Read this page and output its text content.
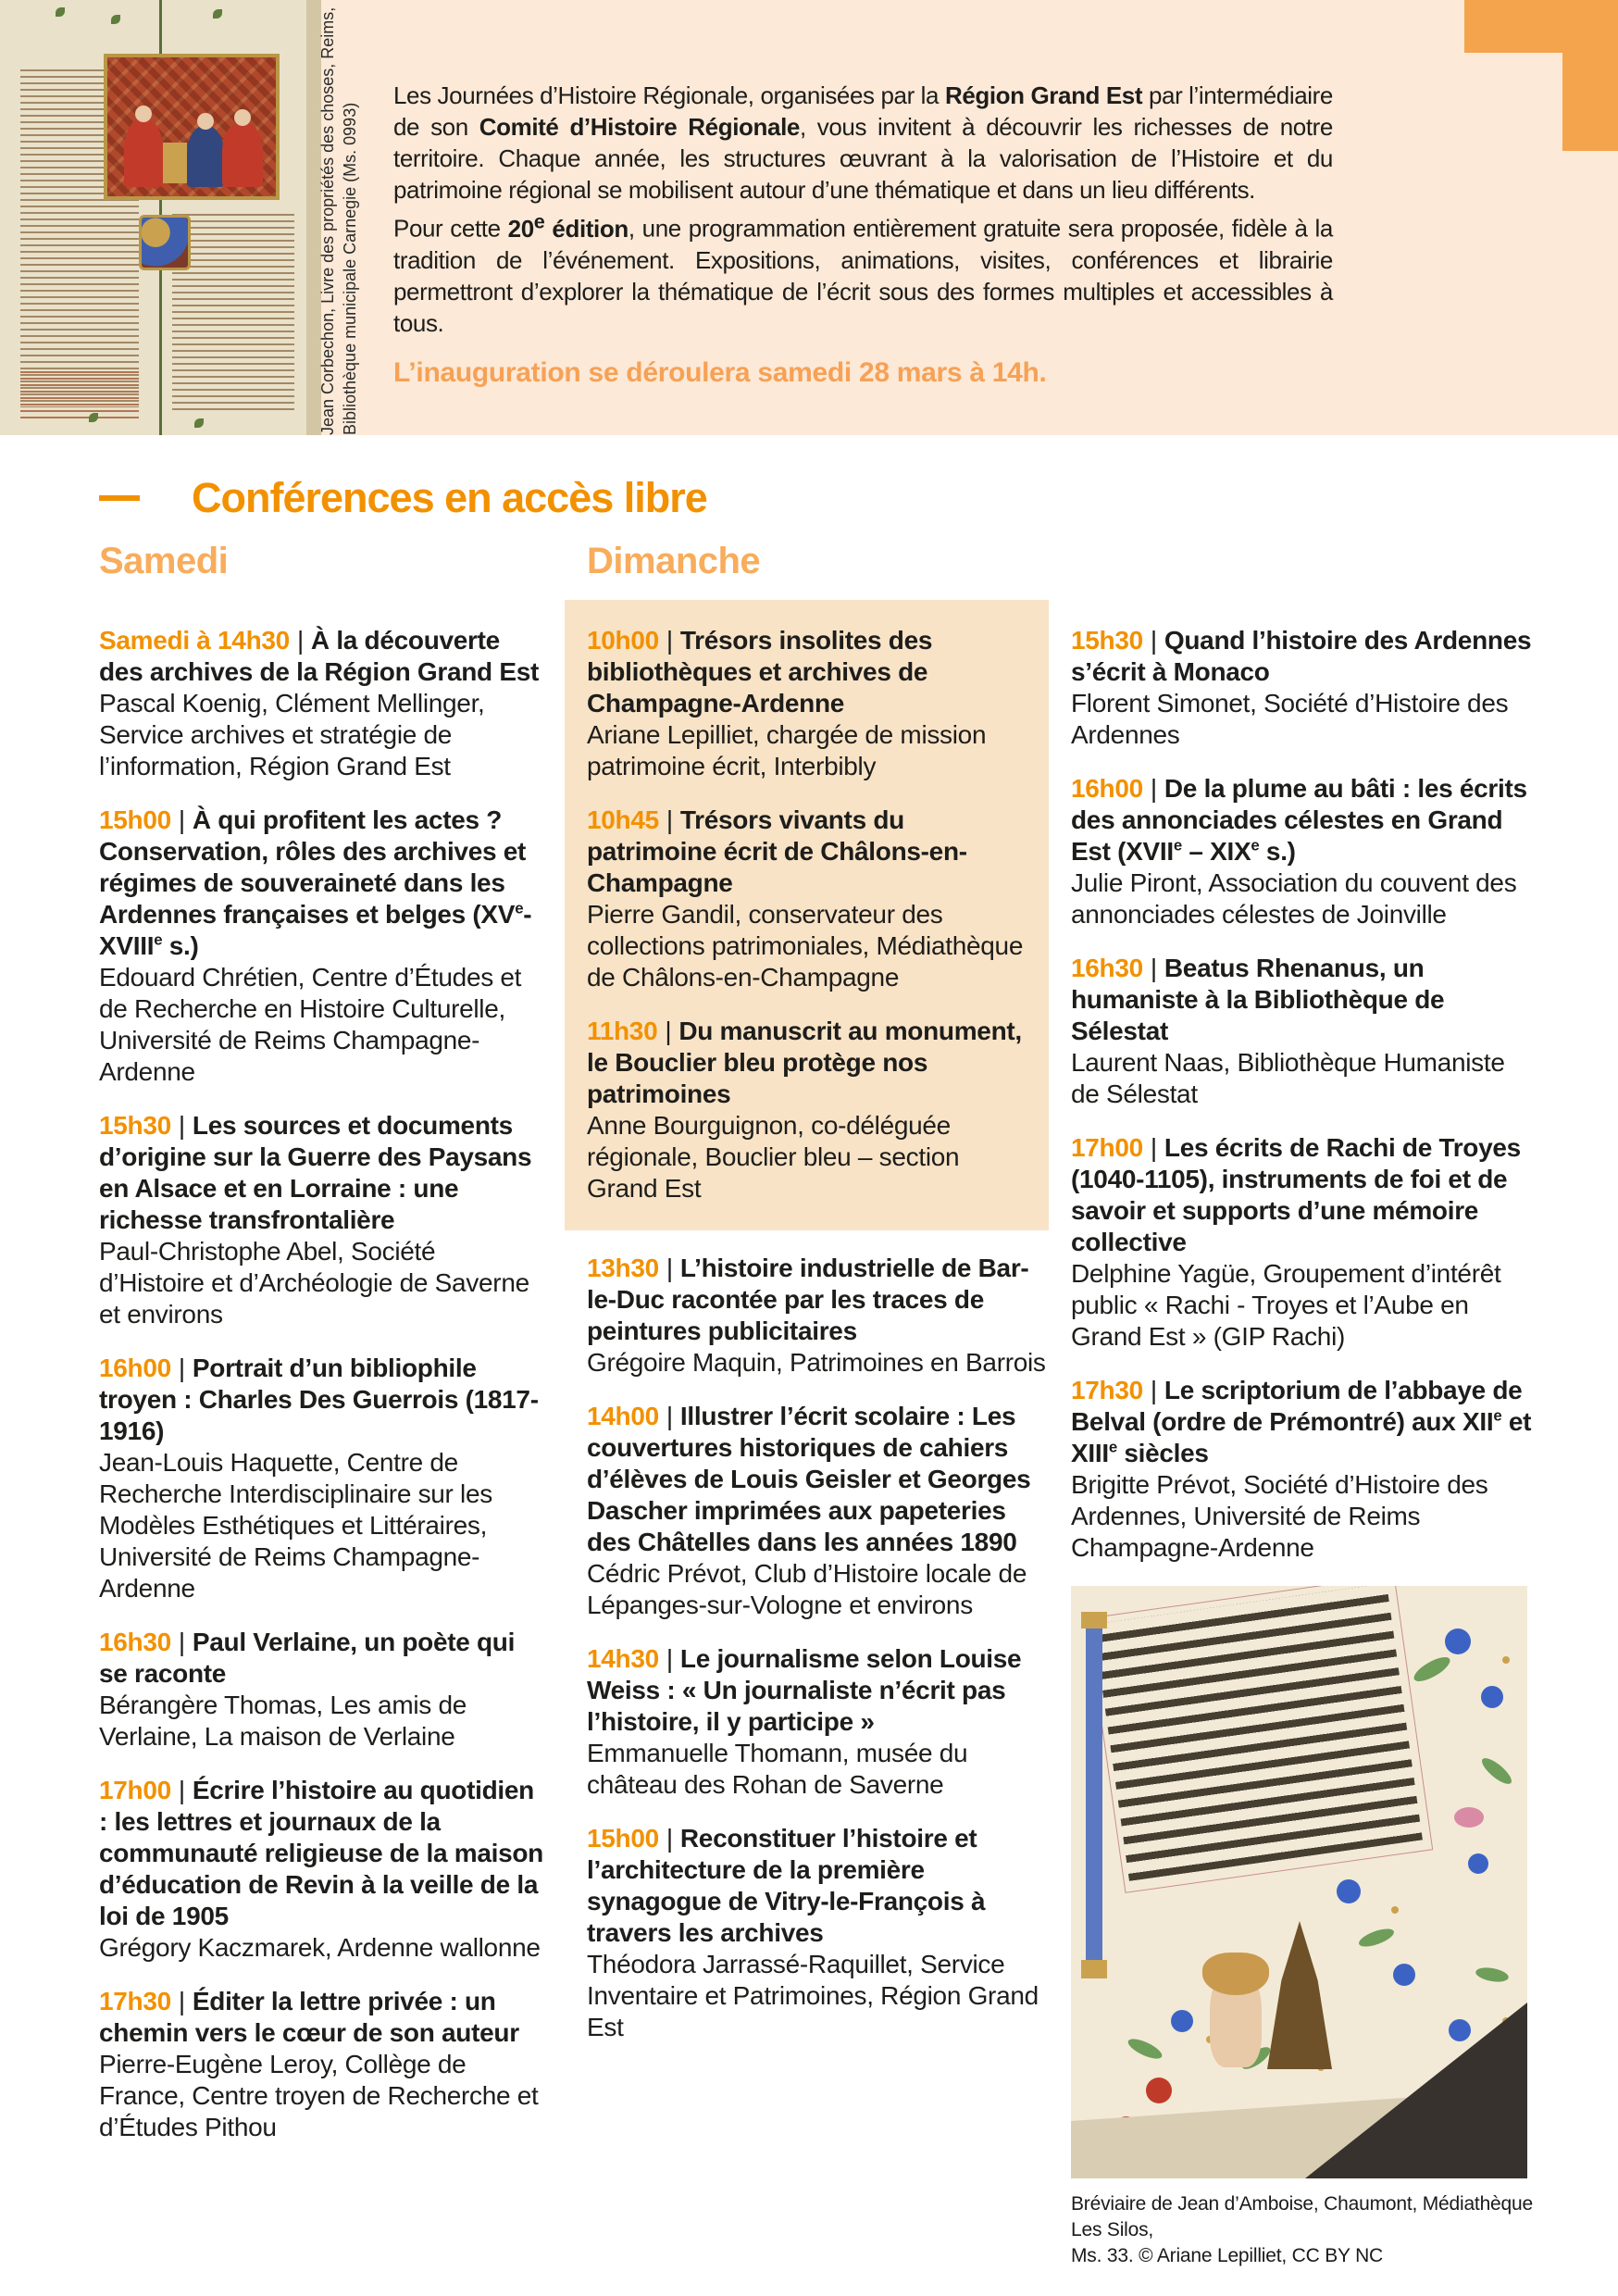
Jean Corbechon, Livre des propriétés des choses, Reims, Bibliothèque municipale Carnegie (Ms. 0993)

Les Journées d’Histoire Régionale, organisées par la Région Grand Est par l’intermédiaire de son Comité d’Histoire Régionale, vous invitent à découvrir les richesses de notre territoire. Chaque année, les structures œuvrant à la valorisation de l’Histoire et du patrimoine régional se mobilisent autour d’une thématique et dans un lieu différents.

Pour cette 20e édition, une programmation entièrement gratuite sera proposée, fidèle à la tradition de l’événement. Expositions, animations, visites, conférences et librairie permettront d’explorer la thématique de l’écrit sous des formes multiples et accessibles à tous.

L’inauguration se déroulera samedi 28 mars à 14h.
Conférences en accès libre
Samedi	Dimanche

Samedi à 14h30 | À la découverte des archives de la Région Grand Est
Pascal Koenig, Clément Mellinger, Service archives et stratégie de l’information, Région Grand Est

15h00 | À qui profitent les actes ? Conservation, rôles des archives et régimes de souveraineté dans les Ardennes françaises et belges (XVe-XVIIIe s.)
Edouard Chrétien, Centre d’Études et de Recherche en Histoire Culturelle, Université de Reims Champagne-Ardenne

15h30 | Les sources et documents d’origine sur la Guerre des Paysans en Alsace et en Lorraine : une richesse transfrontalière
Paul-Christophe Abel, Société d’Histoire et d’Archéologie de Saverne et environs

16h00 | Portrait d’un bibliophile troyen : Charles Des Guerrois (1817-1916)
Jean-Louis Haquette, Centre de Recherche Interdisciplinaire sur les Modèles Esthétiques et Littéraires, Université de Reims Champagne-Ardenne

16h30 | Paul Verlaine, un poète qui se raconte
Bérangère Thomas, Les amis de Verlaine, La maison de Verlaine

17h00 | Écrire l’histoire au quotidien : les lettres et journaux de la communauté religieuse de la maison d’éducation de Revin à la veille de la loi de 1905
Grégory Kaczmarek, Ardenne wallonne

17h30 | Éditer la lettre privée : un chemin vers le cœur de son auteur
Pierre-Eugène Leroy, Collège de France, Centre troyen de Recherche et d’Études Pithou

10h00 | Trésors insolites des bibliothèques et archives de Champagne-Ardenne
Ariane Lepilliet, chargée de mission patrimoine écrit, Interbibly

10h45 | Trésors vivants du patrimoine écrit de Châlons-en-Champagne
Pierre Gandil, conservateur des collections patrimoniales, Médiathèque de Châlons-en-Champagne

11h30 | Du manuscrit au monument, le Bouclier bleu protège nos patrimoines
Anne Bourguignon, co-déléguée régionale, Bouclier bleu – section Grand Est

13h30 | L’histoire industrielle de Bar-le-Duc racontée par les traces de peintures publicitaires
Grégoire Maquin, Patrimoines en Barrois

14h00 | Illustrer l’écrit scolaire : Les couvertures historiques de cahiers d’élèves de Louis Geisler et Georges Dascher imprimées aux papeteries des Châtelles dans les années 1890
Cédric Prévot, Club d’Histoire locale de Lépanges-sur-Vologne et environs

14h30 | Le journalisme selon Louise Weiss : « Un journaliste n’écrit pas l’histoire, il y participe »
Emmanuelle Thomann, musée du château des Rohan de Saverne

15h00 | Reconstituer l’histoire et l’architecture de la première synagogue de Vitry-le-François à travers les archives
Théodora Jarrassé-Raquillet, Service Inventaire et Patrimoines, Région Grand Est

15h30 | Quand l’histoire des Ardennes s’écrit à Monaco
Florent Simonet, Société d’Histoire des Ardennes

16h00 | De la plume au bâti : les écrits des annonciades célestes en Grand Est (XVIIe – XIXe s.)
Julie Piront, Association du couvent des annonciades célestes de Joinville

16h30 | Beatus Rhenanus, un humaniste à la Bibliothèque de Sélestat
Laurent Naas, Bibliothèque Humaniste de Sélestat

17h00 | Les écrits de Rachi de Troyes (1040-1105), instruments de foi et de savoir et supports d’une mémoire collective
Delphine Yagüe, Groupement d’intérêt public « Rachi - Troyes et l’Aube en Grand Est » (GIP Rachi)

17h30 | Le scriptorium de l’abbaye de Belval (ordre de Prémontré) aux XIIe et XIIIe siècles
Brigitte Prévot, Société d’Histoire des Ardennes, Université de Reims Champagne-Ardenne

Bréviaire de Jean d’Amboise, Chaumont, Médiathèque Les Silos,
Ms. 33. © Ariane Lepilliet, CC BY NC
